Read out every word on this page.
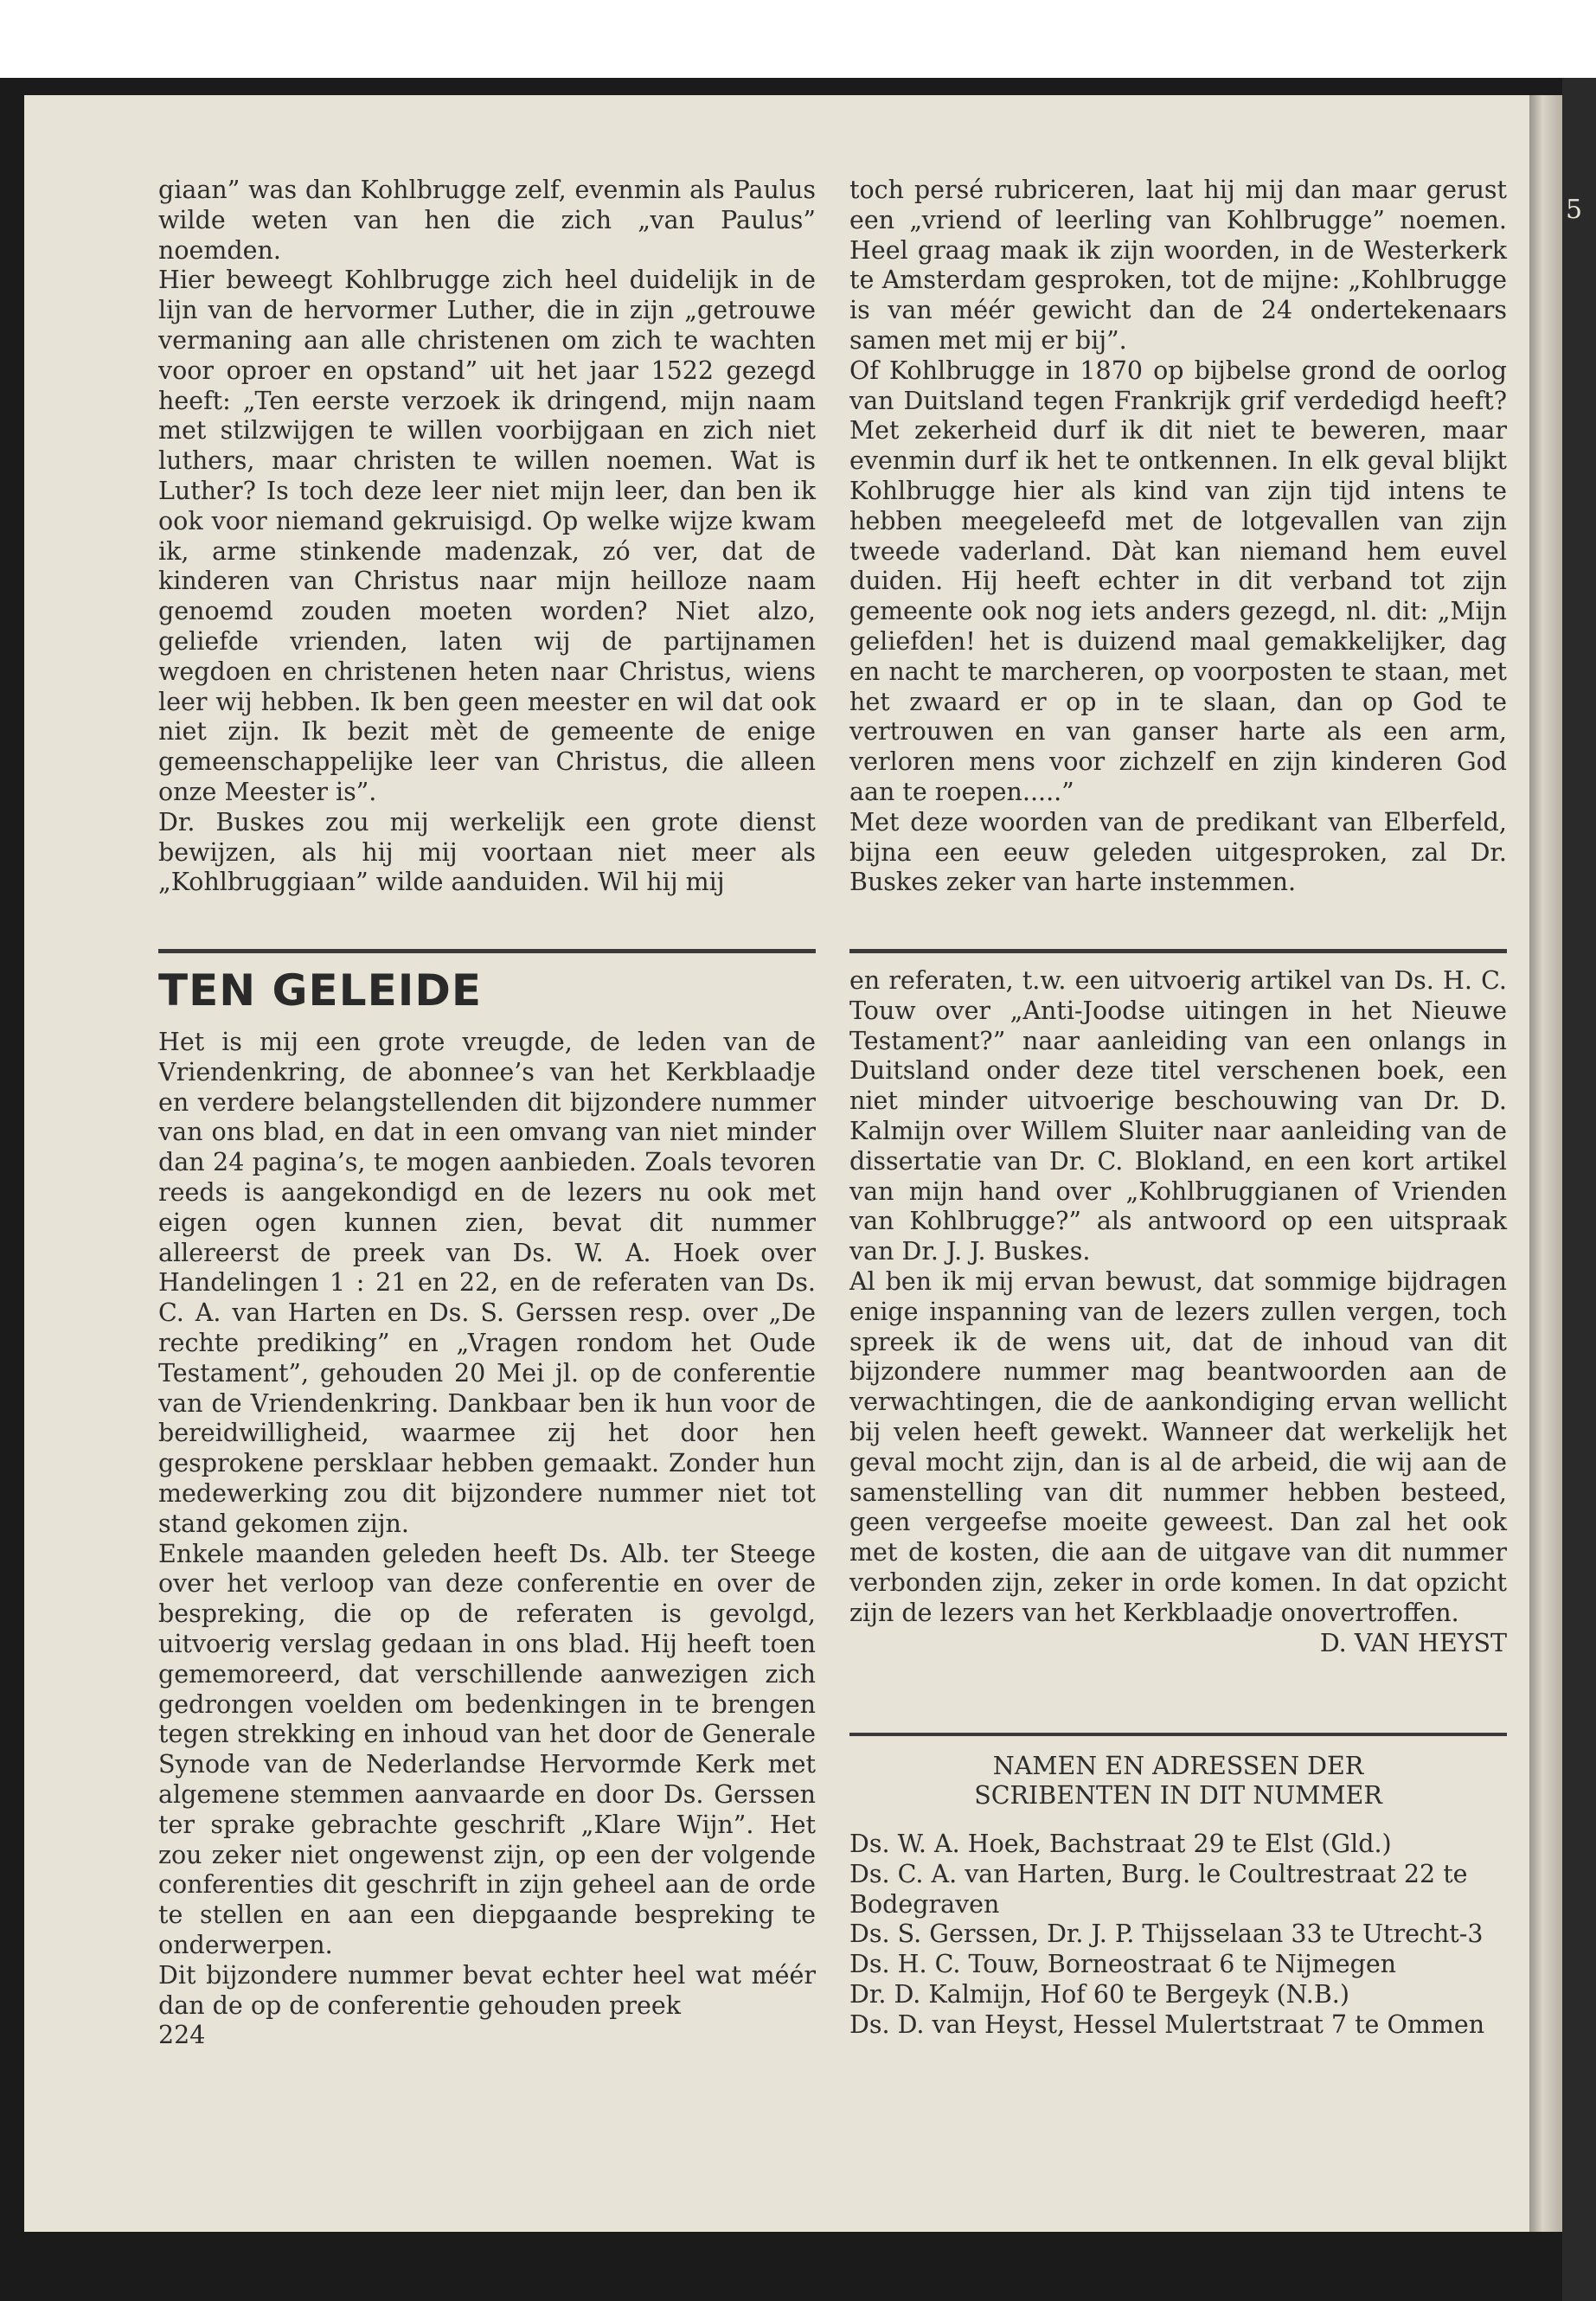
5

giaan” was dan Kohlbrugge zelf, evenmin als Paulus wilde weten van hen die zich „van Paulus” noemden.

Hier beweegt Kohlbrugge zich heel duidelijk in de lijn van de hervormer Luther, die in zijn „getrouwe vermaning aan alle christenen om zich te wachten voor oproer en opstand” uit het jaar 1522 gezegd heeft: „Ten eerste verzoek ik dringend, mijn naam met stilzwijgen te willen voorbijgaan en zich niet luthers, maar christen te willen noemen. Wat is Luther? Is toch deze leer niet mijn leer, dan ben ik ook voor niemand gekruisigd. Op welke wijze kwam ik, arme stinkende madenzak, zó ver, dat de kinderen van Christus naar mijn heilloze naam genoemd zouden moeten worden? Niet alzo, geliefde vrienden, laten wij de partijnamen wegdoen en christenen heten naar Christus, wiens leer wij hebben. Ik ben geen meester en wil dat ook niet zijn. Ik bezit mèt de gemeente de enige gemeenschappelijke leer van Christus, die alleen onze Meester is”.

Dr. Buskes zou mij werkelijk een grote dienst bewijzen, als hij mij voortaan niet meer als „Kohlbruggiaan” wilde aanduiden. Wil hij mij

toch persé rubriceren, laat hij mij dan maar gerust een „vriend of leerling van Kohlbrugge” noemen. Heel graag maak ik zijn woorden, in de Westerkerk te Amsterdam gesproken, tot de mijne: „Kohlbrugge is van méér gewicht dan de 24 ondertekenaars samen met mij er bij”.

Of Kohlbrugge in 1870 op bijbelse grond de oorlog van Duitsland tegen Frankrijk grif verdedigd heeft? Met zekerheid durf ik dit niet te beweren, maar evenmin durf ik het te ontkennen. In elk geval blijkt Kohlbrugge hier als kind van zijn tijd intens te hebben meegeleefd met de lotgevallen van zijn tweede vaderland. Dàt kan niemand hem euvel duiden. Hij heeft echter in dit verband tot zijn gemeente ook nog iets anders gezegd, nl. dit: „Mijn geliefden! het is duizend maal gemakkelijker, dag en nacht te marcheren, op voorposten te staan, met het zwaard er op in te slaan, dan op God te vertrouwen en van ganser harte als een arm, verloren mens voor zichzelf en zijn kinderen God aan te roepen.....”

Met deze woorden van de predikant van Elberfeld, bijna een eeuw geleden uitgesproken, zal Dr. Buskes zeker van harte instemmen.

TEN GELEIDE

Het is mij een grote vreugde, de leden van de Vriendenkring, de abonnee’s van het Kerkblaadje en verdere belangstellenden dit bijzondere nummer van ons blad, en dat in een omvang van niet minder dan 24 pagina’s, te mogen aanbieden. Zoals tevoren reeds is aangekondigd en de lezers nu ook met eigen ogen kunnen zien, bevat dit nummer allereerst de preek van Ds. W. A. Hoek over Handelingen 1 : 21 en 22, en de referaten van Ds. C. A. van Harten en Ds. S. Gerssen resp. over „De rechte prediking” en „Vragen rondom het Oude Testament”, gehouden 20 Mei jl. op de conferentie van de Vriendenkring. Dankbaar ben ik hun voor de bereidwilligheid, waarmee zij het door hen gesprokene persklaar hebben gemaakt. Zonder hun medewerking zou dit bijzondere nummer niet tot stand gekomen zijn.

Enkele maanden geleden heeft Ds. Alb. ter Steege over het verloop van deze conferentie en over de bespreking, die op de referaten is gevolgd, uitvoerig verslag gedaan in ons blad. Hij heeft toen gememoreerd, dat verschillende aanwezigen zich gedrongen voelden om bedenkingen in te brengen tegen strekking en inhoud van het door de Generale Synode van de Nederlandse Hervormde Kerk met algemene stemmen aanvaarde en door Ds. Gerssen ter sprake gebrachte geschrift „Klare Wijn”. Het zou zeker niet ongewenst zijn, op een der volgende conferenties dit geschrift in zijn geheel aan de orde te stellen en aan een diepgaande bespreking te onderwerpen.

Dit bijzondere nummer bevat echter heel wat méér dan de op de conferentie gehouden preek

224

en referaten, t.w. een uitvoerig artikel van Ds. H. C. Touw over „Anti-Joodse uitingen in het Nieuwe Testament?” naar aanleiding van een onlangs in Duitsland onder deze titel verschenen boek, een niet minder uitvoerige beschouwing van Dr. D. Kalmijn over Willem Sluiter naar aanleiding van de dissertatie van Dr. C. Blokland, en een kort artikel van mijn hand over „Kohlbruggianen of Vrienden van Kohlbrugge?” als antwoord op een uitspraak van Dr. J. J. Buskes.

Al ben ik mij ervan bewust, dat sommige bijdragen enige inspanning van de lezers zullen vergen, toch spreek ik de wens uit, dat de inhoud van dit bijzondere nummer mag beantwoorden aan de verwachtingen, die de aankondiging ervan wellicht bij velen heeft gewekt. Wanneer dat werkelijk het geval mocht zijn, dan is al de arbeid, die wij aan de samenstelling van dit nummer hebben besteed, geen vergeefse moeite geweest. Dan zal het ook met de kosten, die aan de uitgave van dit nummer verbonden zijn, zeker in orde komen. In dat opzicht zijn de lezers van het Kerkblaadje onovertroffen.

D. VAN HEYST

NAMEN EN ADRESSEN DER
SCRIBENTEN IN DIT NUMMER

Ds. W. A. Hoek, Bachstraat 29 te Elst (Gld.)

Ds. C. A. van Harten, Burg. le Coultrestraat 22 te Bodegraven

Ds. S. Gerssen, Dr. J. P. Thijsselaan 33 te Utrecht-3

Ds. H. C. Touw, Borneostraat 6 te Nijmegen

Dr. D. Kalmijn, Hof 60 te Bergeyk (N.B.)

Ds. D. van Heyst, Hessel Mulertstraat 7 te Ommen
